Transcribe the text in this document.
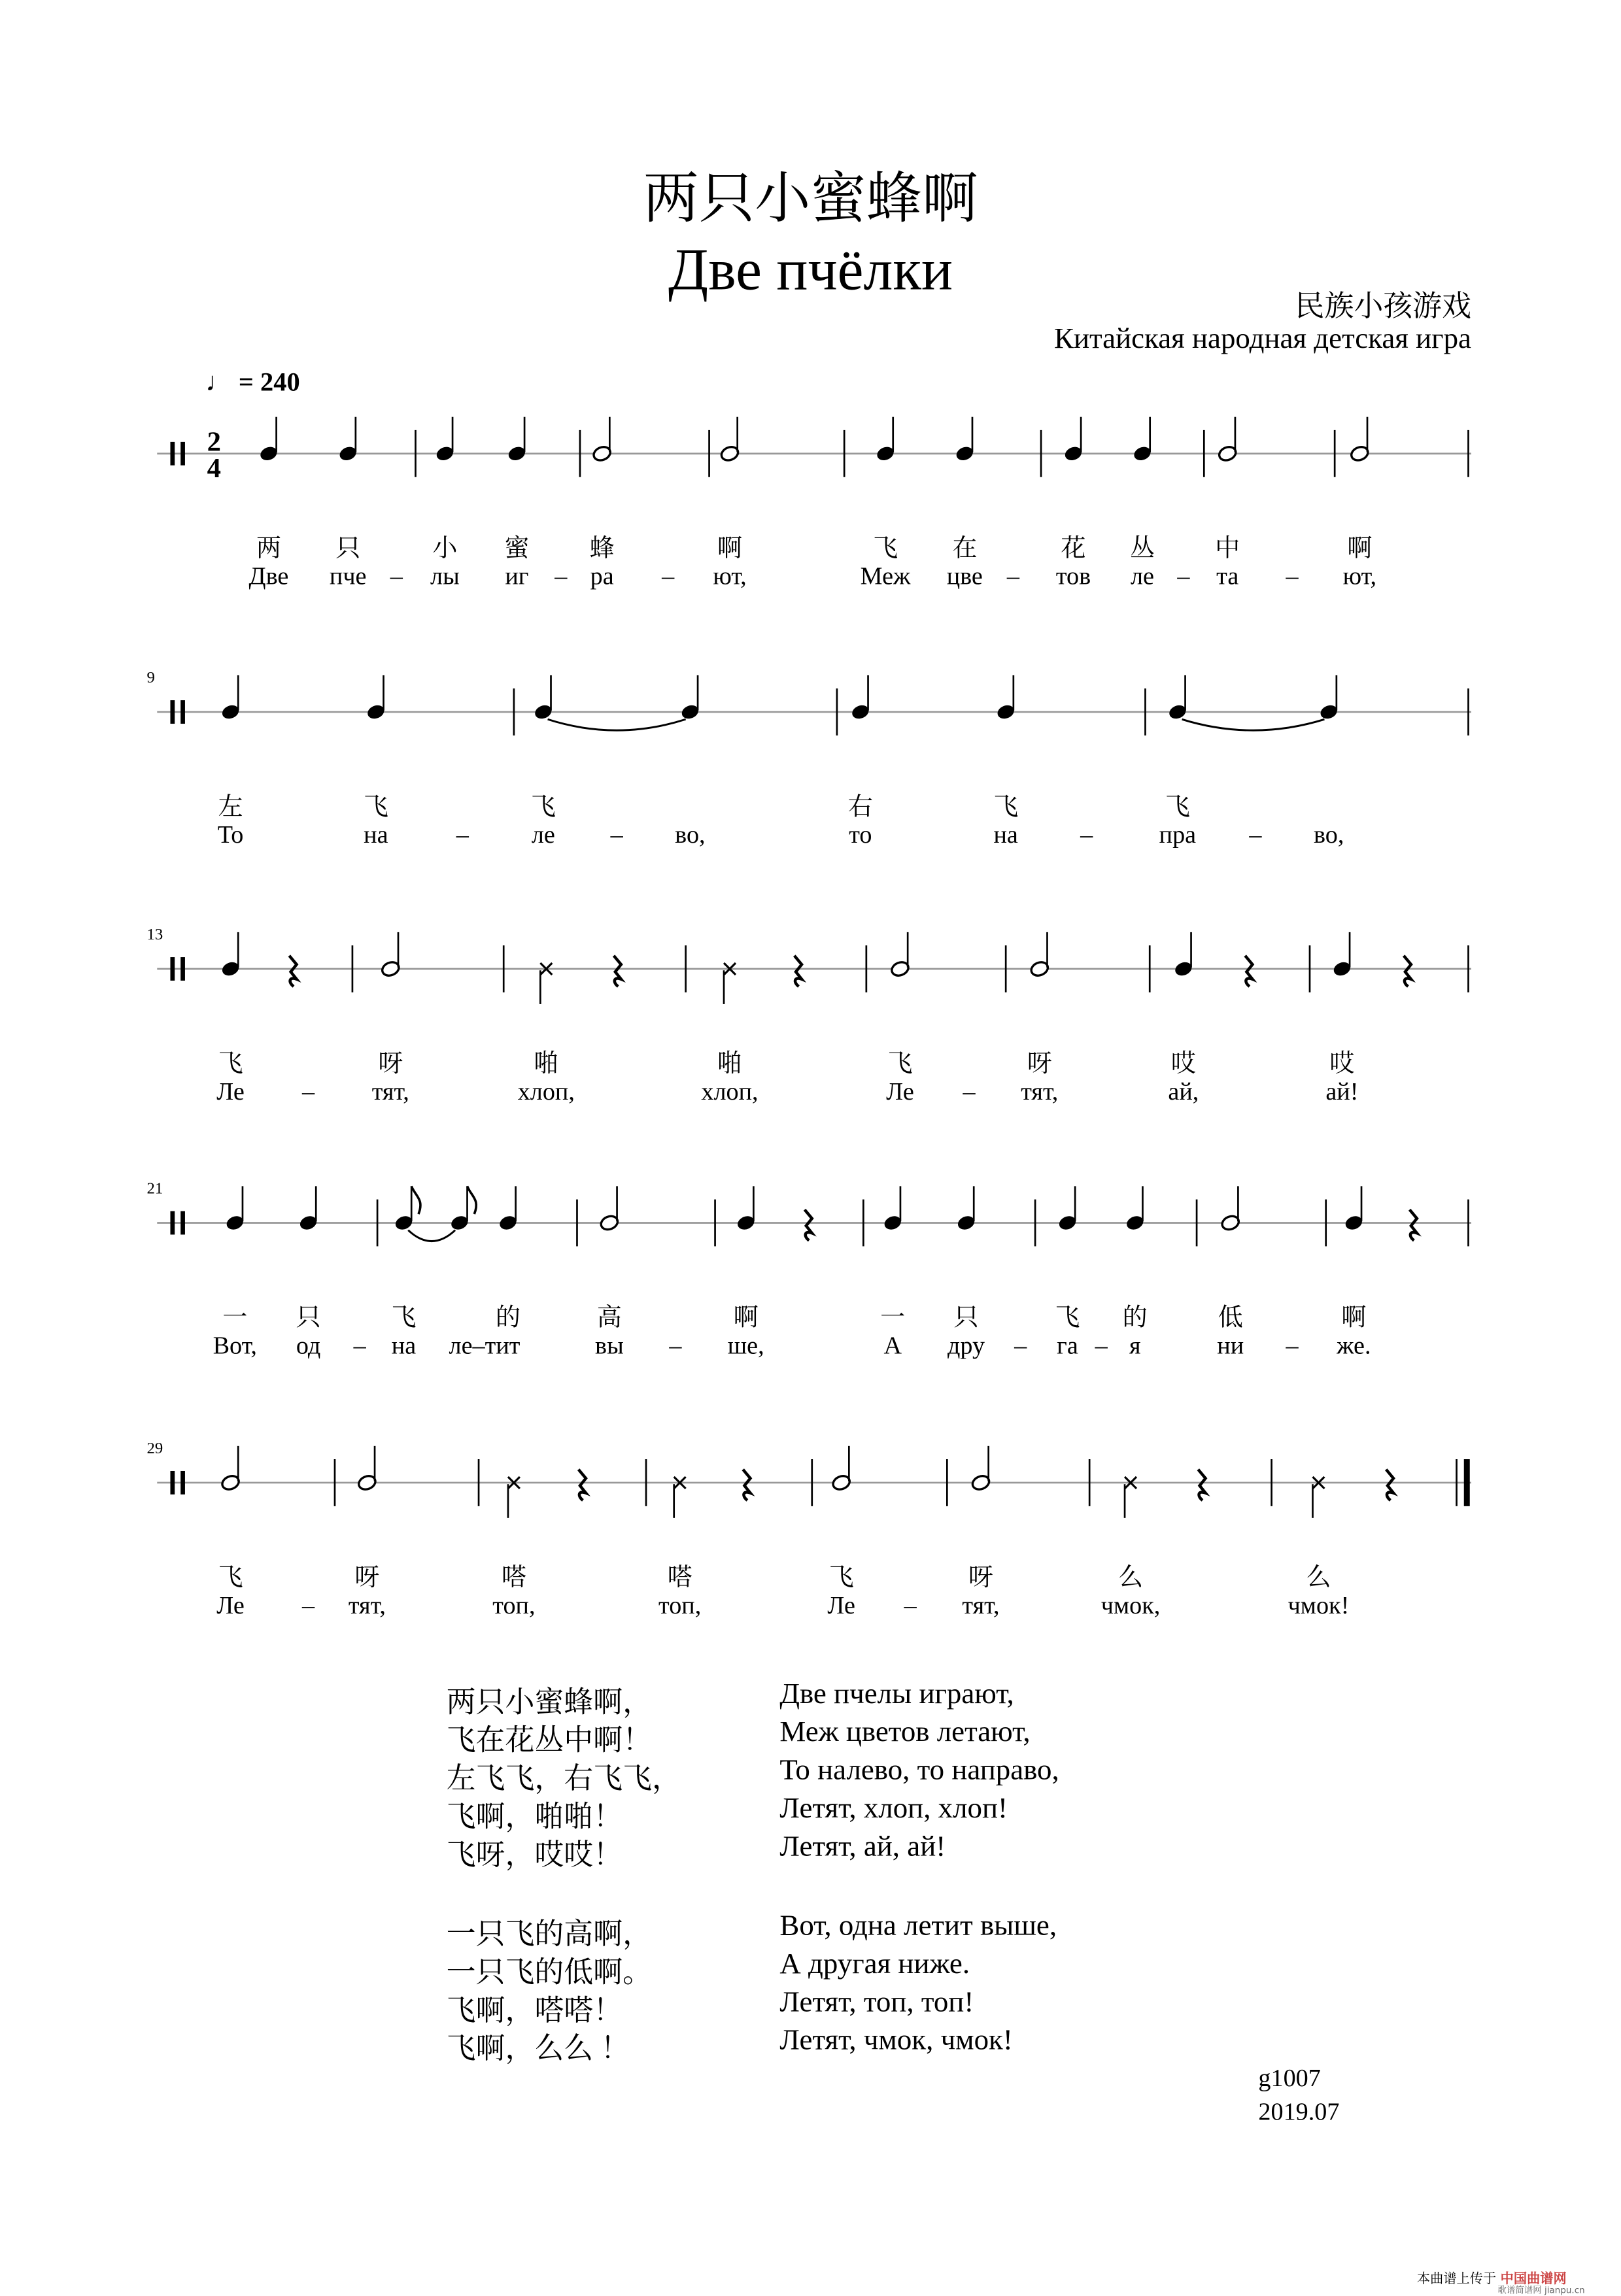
两只小蜜蜂啊
Две пчёлки
民族小孩游戏
Китайская народная детская игра
♩ = 240
2
4
两	只	小	蜜	蜂	啊	飞	在	花	丛	中	啊
Две	пче – лы	иг – ра	–	ют,	Меж	цве –	тов	ле – та	–	ют,
9
左	飞	飞	右	飞	飞
То	на	–	ле	–	во,	то	на	–	пра	–	во,
13
飞	呀	啪	啪	飞	呀	哎	哎
Ле	–	тят,	хлоп,	хлоп,	Ле	–	тят,	ай,	ай!
21
一	只	飞	的	高	啊	一	只	飞	的	低	啊
Вот,	од	– на	ле–тит	вы	–	ше,	А	дру	–	га – я	ни	–	же.
29
飞	呀	嗒	嗒	飞	呀	么	么
Ле	–	тят,	топ,	топ,	Ле	–	тят,	чмок,	чмок!
两只小蜜蜂啊，
飞在花丛中啊！
左飞飞，右飞飞，
飞啊，啪啪！
飞呀，哎哎！
一只飞的高啊，
一只飞的低啊。
飞啊，嗒嗒！
飞啊，么么 ！
Две пчелы играют,
Меж цветов летают,
То налево, то направо,
Летят, хлоп, хлоп!
Летят, ай, ай!
Вот, одна летит выше,
А другая ниже.
Летят, топ, топ!
Летят, чмок, чмок!
g1007
2019.07
本曲谱上传于 中国曲谱网
歌谱简谱网 jianpu.cn
